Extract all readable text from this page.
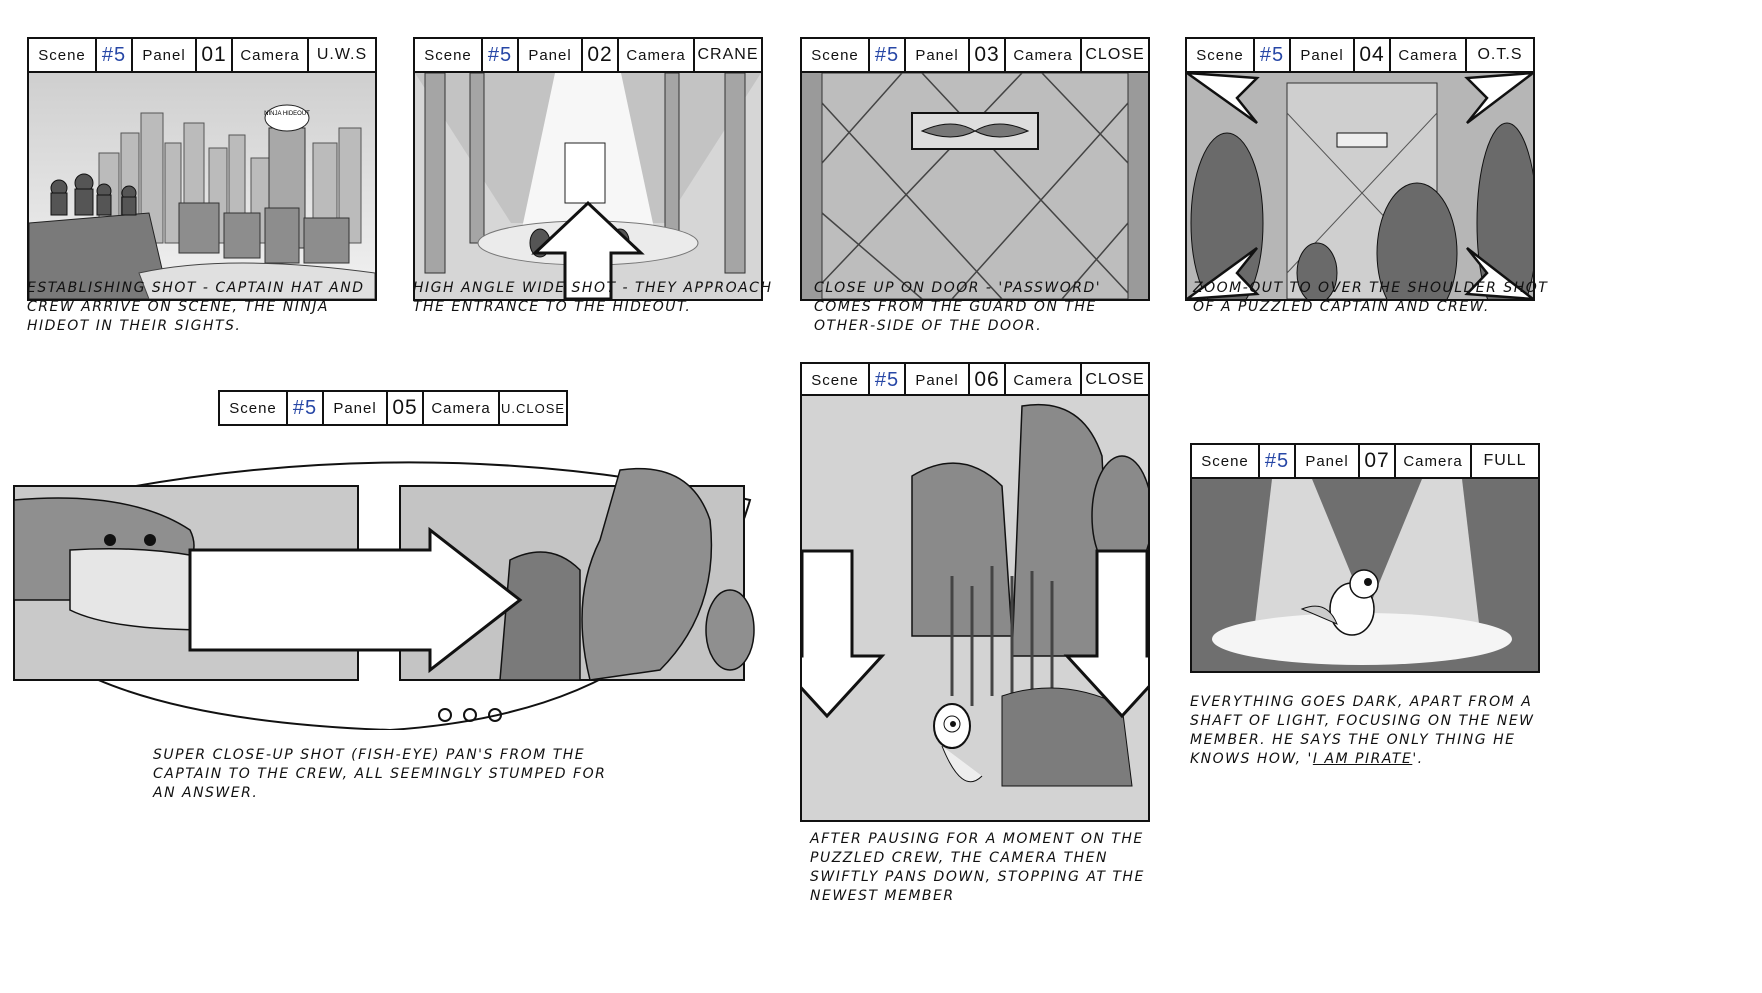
Scene #5	Panel 01 Camera	U.W.S
NINJA HIDEOUT
ESTABLISHING SHOT - CAPTAIN HAT AND CREW ARRIVE ON SCENE, THE NINJA HIDEOT IN THEIR SIGHTS.
Scene #5	Panel 02 Camera CRANE
HIGH ANGLE WIDE SHOT - THEY APPROACH THE ENTRANCE TO THE HIDEOUT.
Scene #5	Panel 03 Camera CLOSE
CLOSE UP ON DOOR - 'PASSWORD' COMES FROM THE GUARD ON THE OTHER-SIDE OF THE DOOR.
Scene #5	Panel 04 Camera	O.T.S
ZOOM-OUT TO OVER THE SHOULDER SHOT OF A PUZZLED CAPTAIN AND CREW.
Scene #5	Panel 05 Camera U.CLOSE
SUPER CLOSE-UP SHOT (FISH-EYE) PAN'S FROM THE CAPTAIN TO THE CREW, ALL SEEMINGLY STUMPED FOR AN ANSWER.
Scene #5	Panel 06 Camera CLOSE
AFTER PAUSING FOR A MOMENT ON THE PUZZLED CREW, THE CAMERA THEN SWIFTLY PANS DOWN, STOPPING AT THE NEWEST MEMBER
Scene #5	Panel 07 Camera	FULL
EVERYTHING GOES DARK, APART FROM A SHAFT OF LIGHT, FOCUSING ON THE NEW MEMBER. HE SAYS THE ONLY THING HE KNOWS HOW, 'I AM PIRATE'.
